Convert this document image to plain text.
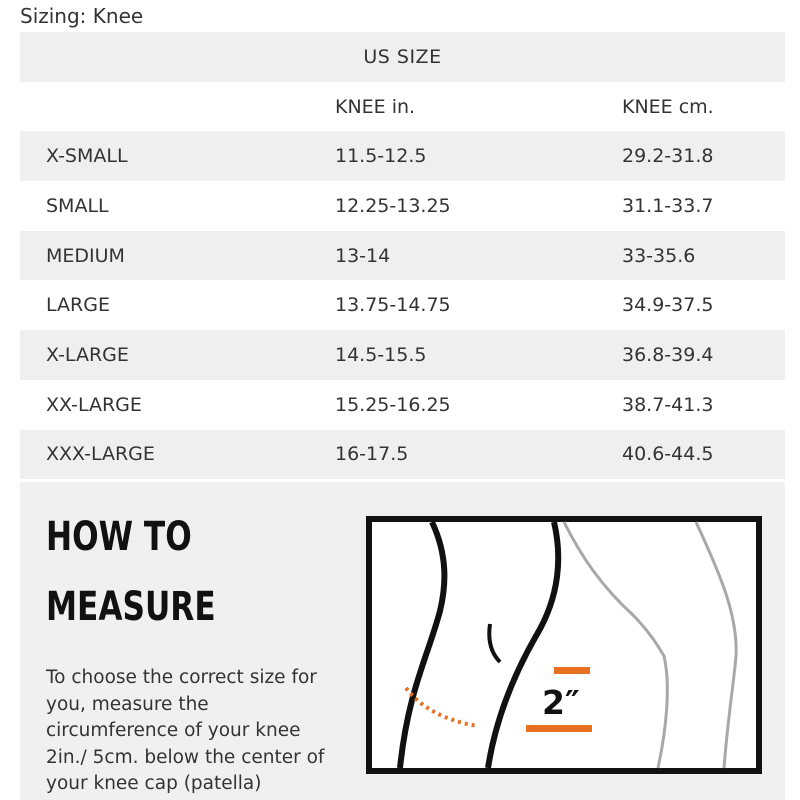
Sizing: Knee
US SIZE		
	KNEE in.	KNEE cm.
X-SMALL	11.5-12.5	29.2-31.8
SMALL	12.25-13.25	31.1-33.7
MEDIUM	13-14	33-35.6
LARGE	13.75-14.75	34.9-37.5
X-LARGE	14.5-15.5	36.8-39.4
XX-LARGE	15.25-16.25	38.7-41.3
XXX-LARGE	16-17.5	40.6-44.5
HOW TO
MEASURE
To choose the correct size for you, measure the circumference of your knee 2in./ 5cm. below the center of your knee cap (patella)
2″
